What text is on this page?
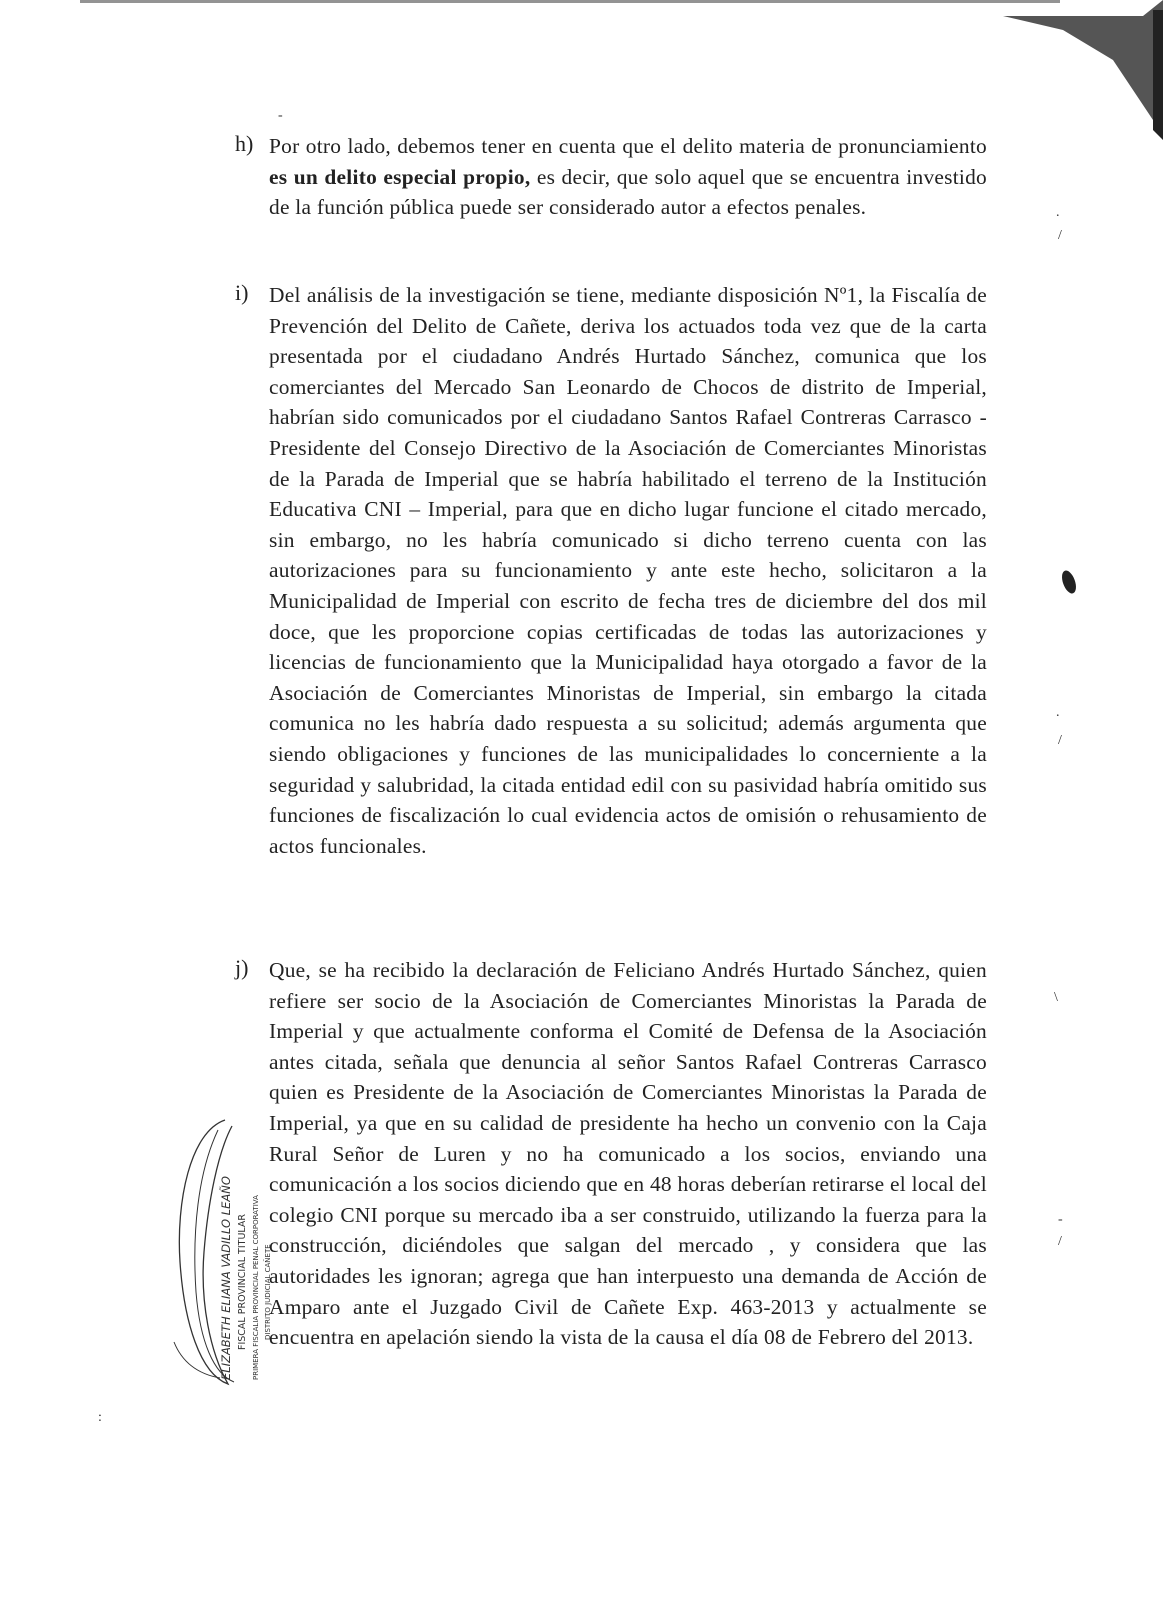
.
/
.
/
\
-
/
:
-
h) Por otro lado, debemos tener en cuenta que el delito materia de pronunciamiento es un delito especial propio, es decir, que solo aquel que se encuentra investido de la función pública puede ser considerado autor a efectos penales.

i) Del análisis de la investigación se tiene, mediante disposición Nº1, la Fiscalía de Prevención del Delito de Cañete, deriva los actuados toda vez que de la carta presentada por el ciudadano Andrés Hurtado Sánchez, comunica que los comerciantes del Mercado San Leonardo de Chocos de distrito de Imperial, habrían sido comunicados por el ciudadano Santos Rafael Contreras Carrasco - Presidente del Consejo Directivo de la Asociación de Comerciantes Minoristas de la Parada de Imperial que se habría habilitado el terreno de la Institución Educativa CNI – Imperial, para que en dicho lugar funcione el citado mercado, sin embargo, no les habría comunicado si dicho terreno cuenta con las autorizaciones para su funcionamiento y ante este hecho, solicitaron a la Municipalidad de Imperial con escrito de fecha tres de diciembre del dos mil doce, que les proporcione copias certificadas de todas las autorizaciones y licencias de funcionamiento que la Municipalidad haya otorgado a favor de la Asociación de Comerciantes Minoristas de Imperial, sin embargo la citada comunica no les habría dado respuesta a su solicitud; además argumenta que siendo obligaciones y funciones de las municipalidades lo concerniente a la seguridad y salubridad, la citada entidad edil con su pasividad habría omitido sus funciones de fiscalización lo cual evidencia actos de omisión o rehusamiento de actos funcionales.

j) Que, se ha recibido la declaración de Feliciano Andrés Hurtado Sánchez, quien refiere ser socio de la Asociación de Comerciantes Minoristas la Parada de Imperial y que actualmente conforma el Comité de Defensa de la Asociación antes citada, señala que denuncia al señor Santos Rafael Contreras Carrasco quien es Presidente de la Asociación de Comerciantes Minoristas la Parada de Imperial, ya que en su calidad de presidente ha hecho un convenio con la Caja Rural Señor de Luren y no ha comunicado a los socios, enviando una comunicación a los socios diciendo que en 48 horas deberían retirarse el local del colegio CNI porque su mercado iba a ser construido, utilizando la fuerza para la construcción, diciéndoles que salgan del mercado , y considera que las autoridades les ignoran; agrega que han interpuesto una demanda de Acción de Amparo ante el Juzgado Civil de Cañete Exp. 463-2013 y actualmente se encuentra en apelación siendo la vista de la causa el día 08 de Febrero del 2013.

ELIZABETH ELIANA VADILLO LEAÑO FISCAL PROVINCIAL TITULAR PRIMERA FISCALIA PROVINCIAL PENAL CORPORATIVA DISTRITO JUDICIAL CAÑETE
